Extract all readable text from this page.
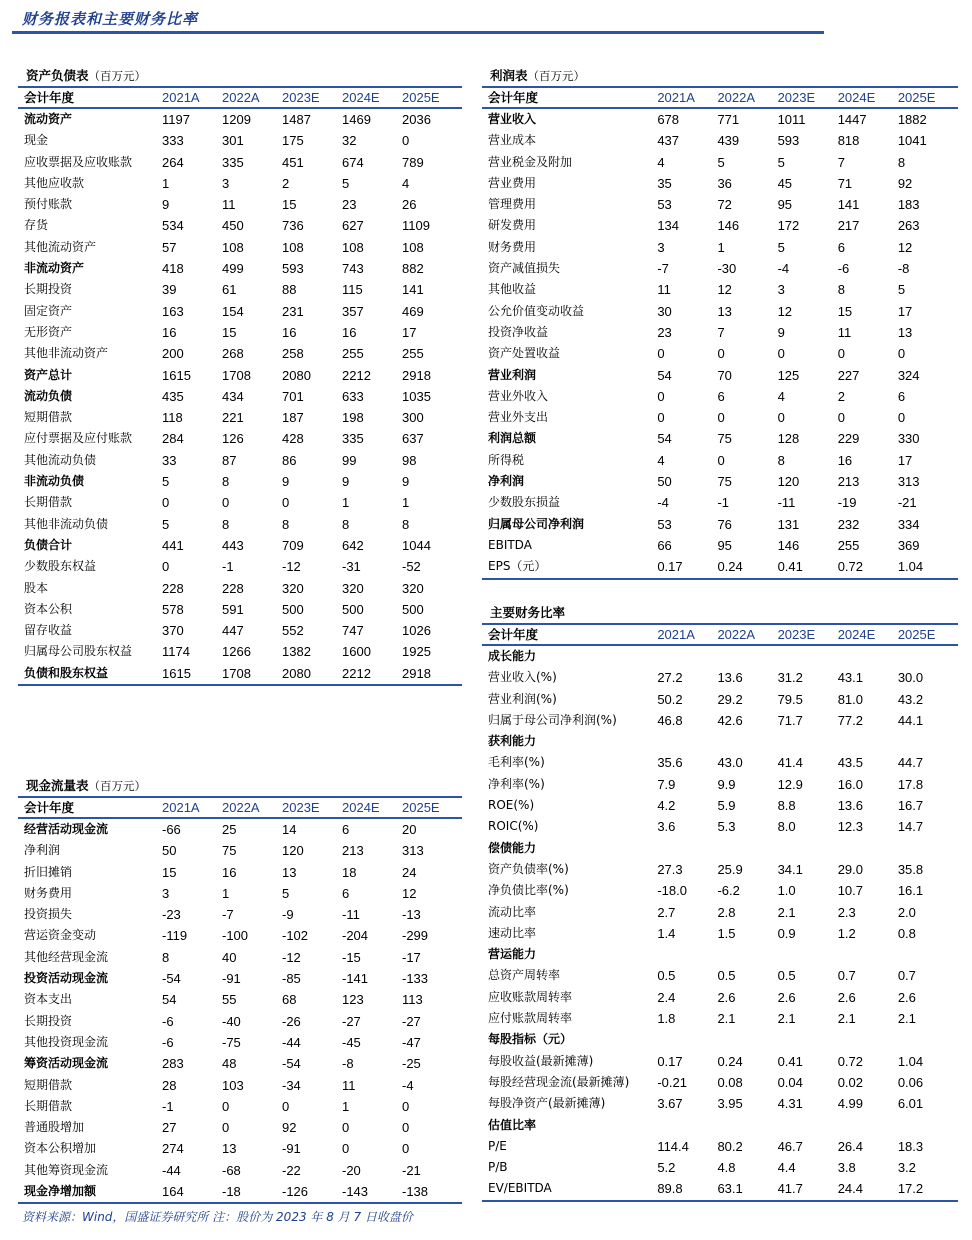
财务报表和主要财务比率
资产负债表（百万元）
会计年度	2021A	2022A	2023E	2024E	2025E
流动资产	1197	1209	1487	1469	2036
现金	333	301	175	32	0
应收票据及应收账款	264	335	451	674	789
其他应收款	1	3	2	5	4
预付账款	9	11	15	23	26
存货	534	450	736	627	1109
其他流动资产	57	108	108	108	108
非流动资产	418	499	593	743	882
长期投资	39	61	88	115	141
固定资产	163	154	231	357	469
无形资产	16	15	16	16	17
其他非流动资产	200	268	258	255	255
资产总计	1615	1708	2080	2212	2918
流动负债	435	434	701	633	1035
短期借款	118	221	187	198	300
应付票据及应付账款	284	126	428	335	637
其他流动负债	33	87	86	99	98
非流动负债	5	8	9	9	9
长期借款	0	0	0	1	1
其他非流动负债	5	8	8	8	8
负债合计	441	443	709	642	1044
少数股东权益	0	-1	-12	-31	-52
股本	228	228	320	320	320
资本公积	578	591	500	500	500
留存收益	370	447	552	747	1026
归属母公司股东权益	1174	1266	1382	1600	1925
负债和股东权益	1615	1708	2080	2212	2918
利润表（百万元）
会计年度	2021A	2022A	2023E	2024E	2025E
营业收入	678	771	1011	1447	1882
营业成本	437	439	593	818	1041
营业税金及附加	4	5	5	7	8
营业费用	35	36	45	71	92
管理费用	53	72	95	141	183
研发费用	134	146	172	217	263
财务费用	3	1	5	6	12
资产减值损失	-7	-30	-4	-6	-8
其他收益	11	12	3	8	5
公允价值变动收益	30	13	12	15	17
投资净收益	23	7	9	11	13
资产处置收益	0	0	0	0	0
营业利润	54	70	125	227	324
营业外收入	0	6	4	2	6
营业外支出	0	0	0	0	0
利润总额	54	75	128	229	330
所得税	4	0	8	16	17
净利润	50	75	120	213	313
少数股东损益	-4	-1	-11	-19	-21
归属母公司净利润	53	76	131	232	334
EBITDA	66	95	146	255	369
EPS（元）	0.17	0.24	0.41	0.72	1.04
主要财务比率
会计年度	2021A	2022A	2023E	2024E	2025E
成长能力					
营业收入(%)	27.2	13.6	31.2	43.1	30.0
营业利润(%)	50.2	29.2	79.5	81.0	43.2
归属于母公司净利润(%)	46.8	42.6	71.7	77.2	44.1
获利能力					
毛利率(%)	35.6	43.0	41.4	43.5	44.7
净利率(%)	7.9	9.9	12.9	16.0	17.8
ROE(%)	4.2	5.9	8.8	13.6	16.7
ROIC(%)	3.6	5.3	8.0	12.3	14.7
偿债能力					
资产负债率(%)	27.3	25.9	34.1	29.0	35.8
净负债比率(%)	-18.0	-6.2	1.0	10.7	16.1
流动比率	2.7	2.8	2.1	2.3	2.0
速动比率	1.4	1.5	0.9	1.2	0.8
营运能力					
总资产周转率	0.5	0.5	0.5	0.7	0.7
应收账款周转率	2.4	2.6	2.6	2.6	2.6
应付账款周转率	1.8	2.1	2.1	2.1	2.1
每股指标（元）					
每股收益(最新摊薄)	0.17	0.24	0.41	0.72	1.04
每股经营现金流(最新摊薄)	-0.21	0.08	0.04	0.02	0.06
每股净资产(最新摊薄)	3.67	3.95	4.31	4.99	6.01
估值比率					
P/E	114.4	80.2	46.7	26.4	18.3
P/B	5.2	4.8	4.4	3.8	3.2
EV/EBITDA	89.8	63.1	41.7	24.4	17.2
现金流量表（百万元）
会计年度	2021A	2022A	2023E	2024E	2025E
经营活动现金流	-66	25	14	6	20
净利润	50	75	120	213	313
折旧摊销	15	16	13	18	24
财务费用	3	1	5	6	12
投资损失	-23	-7	-9	-11	-13
营运资金变动	-119	-100	-102	-204	-299
其他经营现金流	8	40	-12	-15	-17
投资活动现金流	-54	-91	-85	-141	-133
资本支出	54	55	68	123	113
长期投资	-6	-40	-26	-27	-27
其他投资现金流	-6	-75	-44	-45	-47
筹资活动现金流	283	48	-54	-8	-25
短期借款	28	103	-34	11	-4
长期借款	-1	0	0	1	0
普通股增加	27	0	92	0	0
资本公积增加	274	13	-91	0	0
其他筹资现金流	-44	-68	-22	-20	-21
现金净增加额	164	-18	-126	-143	-138
资料来源：Wind，国盛证券研究所 注：股价为 2023 年 8 月 7 日收盘价
